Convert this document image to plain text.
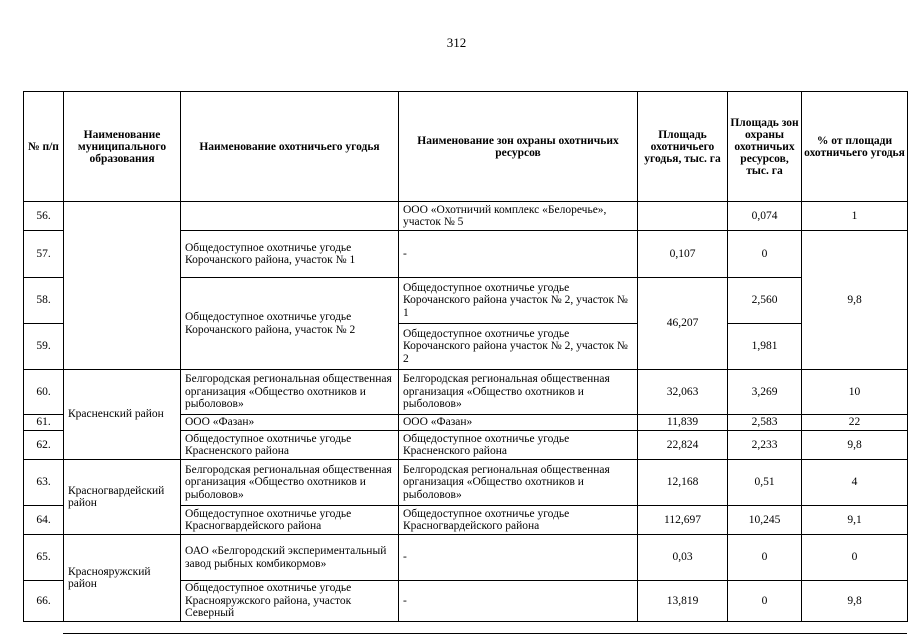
312
№ п/п	Наименование муниципального образования	Наименование охотничьего угодья	Наименование зон охраны охотничьих ресурсов	Площадь охотничьего угодья, тыс. га	Площадь зон охраны охотничьих ресурсов, тыс. га	% от площади охотничьего угодья
56.			ООО «Охотничий комплекс «Белоречье», участок № 5		0,074	1
57.		Общедоступное охотничье угодье Корочанского района, участок № 1	-	0,107	0	9,8
58.		Общедоступное охотничье угодье Корочанского района, участок № 2	Общедоступное охотничье угодье Корочанского района участок № 2, участок № 1	46,207	2,560	
59.			Общедоступное охотничье угодье Корочанского района участок № 2, участок № 2		1,981	
60.	Красненский район	Белгородская региональная общественная организация «Общество охотников и рыболовов»	Белгородская региональная общественная организация «Общество охотников и рыболовов»	32,063	3,269	10
61.		ООО «Фазан»	ООО «Фазан»	11,839	2,583	22
62.		Общедоступное охотничье угодье Красненского района	Общедоступное охотничье угодье Красненского района	22,824	2,233	9,8
63.	Красногвардейский район	Белгородская региональная общественная организация «Общество охотников и рыболовов»	Белгородская региональная общественная организация «Общество охотников и рыболовов»	12,168	0,51	4
64.		Общедоступное охотничье угодье Красногвардейского района	Общедоступное охотничье угодье Красногвардейского района	112,697	10,245	9,1
65.	Краснояружский район	ОАО «Белгородский экспериментальный завод рыбных комбикормов»	-	0,03	0	0
66.		Общедоступное охотничье угодье Краснояружского района, участок Северный	-	13,819	0	9,8
